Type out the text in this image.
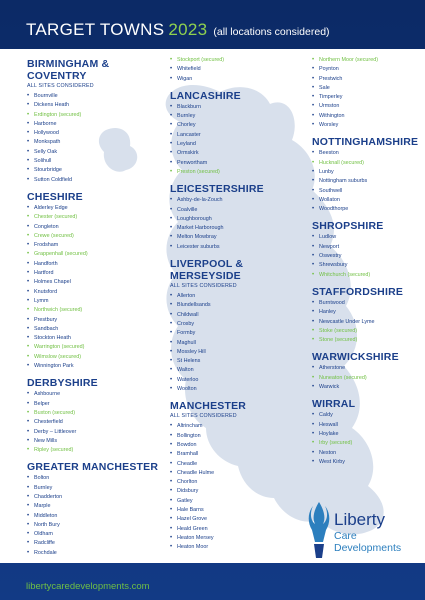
TARGET TOWNS 2023 (all locations considered)
BIRMINGHAM & COVENTRY
ALL SITES CONSIDERED
• Bournville
• Dickens Heath
• Erdington (secured)
• Harborne
• Hollywood
• Monkspath
• Selly Oak
• Solihull
• Stourbridge
• Sutton Coldfield
CHESHIRE
• Alderley Edge
• Chester (secured)
• Congleton
• Crewe (secured)
• Frodsham
• Grappenhall (secured)
• Handforth
• Hartford
• Holmes Chapel
• Knutsford
• Lymm
• Northwich (secured)
• Prestbury
• Sandbach
• Stockton Heath
• Warrington (secured)
• Wilmslow (secured)
• Winnington Park
DERBYSHIRE
• Ashbourne
• Belper
• Buxton (secured)
• Chesterfield
• Derby – Littleover
• New Mills
• Ripley (secured)
GREATER MANCHESTER
• Bolton
• Burnley
• Chadderton
• Marple
• Middleton
• North Bury
• Oldham
• Radcliffe
• Rochdale
• Stockport (secured)
• Whitefield
• Wigan
LANCASHIRE
• Blackburn
• Burnley
• Chorley
• Lancaster
• Leyland
• Ormskirk
• Penwortham
• Preston (secured)
LEICESTERSHIRE
• Ashby-de-la-Zouch
• Coalville
• Loughborough
• Market Harborough
• Melton Mowbray
• Leicester suburbs
LIVERPOOL & MERSEYSIDE
ALL SITES CONSIDERED
• Allerton
• Blundellsands
• Childwall
• Crosby
• Formby
• Maghull
• Mossley Hill
• St Helens
• Walton
• Waterloo
• Woolton
MANCHESTER
ALL SITES CONSIDERED
• Altrincham
• Bollington
• Bowdon
• Bramhall
• Cheadle
• Cheadle Hulme
• Chorlton
• Didsbury
• Gatley
• Hale Barns
• Hazel Grove
• Heald Green
• Heaton Mersey
• Heaton Moor
• Northern Moor (secured)
• Poynton
• Prestwich
• Sale
• Timperley
• Urmston
• Withington
• Worsley
NOTTINGHAMSHIRE
• Beeston
• Hucknall (secured)
• Lunby
• Nottingham suburbs
• Southwell
• Wollaton
• Woodthorpe
SHROPSHIRE
• Ludlow
• Newport
• Oswestry
• Shrewsbury
• Whitchurch (secured)
STAFFORDSHIRE
• Burntwood
• Hanley
• Newcastle Under Lyme
• Stoke (secured)
• Stone (secured)
WARWICKSHIRE
• Atherstone
• Nuneaton (secured)
• Warwick
WIRRAL
• Caldy
• Heswall
• Hoylake
• Irby (secured)
• Neston
• West Kirby
Liberty
Care
Developments
libertycaredevelopments.com
